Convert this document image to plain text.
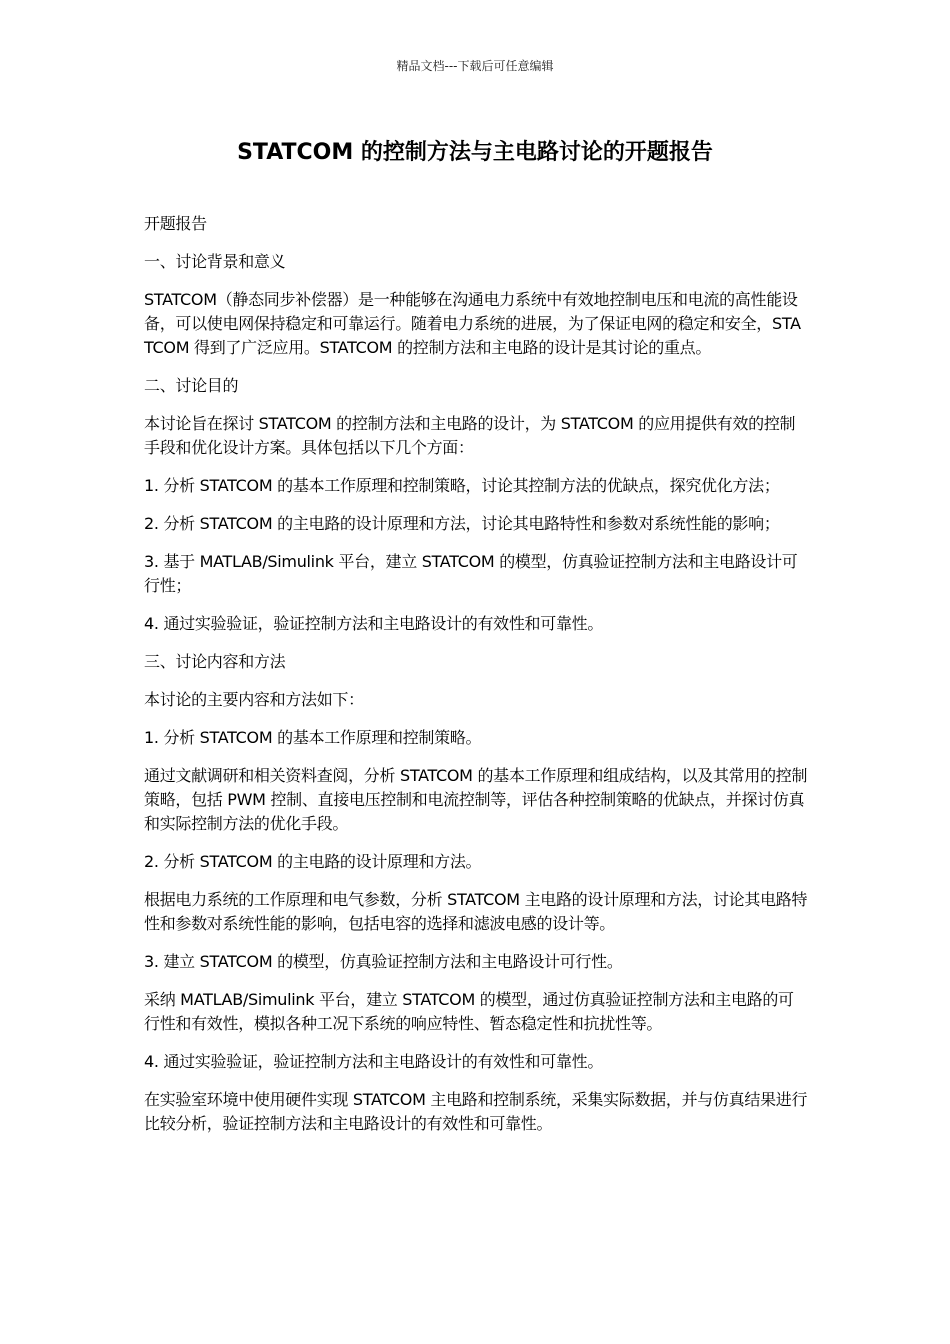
精品文档---下载后可任意编辑
STATCOM 的控制方法与主电路讨论的开题报告

开题报告

一、讨论背景和意义

STATCOM（静态同步补偿器）是一种能够在沟通电力系统中有效地控制电压和电流的高性能设备，可以使电网保持稳定和可靠运行。随着电力系统的进展，为了保证电网的稳定和安全，STATCOM 得到了广泛应用。STATCOM 的控制方法和主电路的设计是其讨论的重点。

二、讨论目的

本讨论旨在探讨 STATCOM 的控制方法和主电路的设计，为 STATCOM 的应用提供有效的控制手段和优化设计方案。具体包括以下几个方面：

1. 分析 STATCOM 的基本工作原理和控制策略，讨论其控制方法的优缺点，探究优化方法；

2. 分析 STATCOM 的主电路的设计原理和方法，讨论其电路特性和参数对系统性能的影响；

3. 基于 MATLAB/Simulink 平台，建立 STATCOM 的模型，仿真验证控制方法和主电路设计可行性；

4. 通过实验验证，验证控制方法和主电路设计的有效性和可靠性。

三、讨论内容和方法

本讨论的主要内容和方法如下：

1. 分析 STATCOM 的基本工作原理和控制策略。

通过文献调研和相关资料查阅，分析 STATCOM 的基本工作原理和组成结构，以及其常用的控制策略，包括 PWM 控制、直接电压控制和电流控制等，评估各种控制策略的优缺点，并探讨仿真和实际控制方法的优化手段。

2. 分析 STATCOM 的主电路的设计原理和方法。

根据电力系统的工作原理和电气参数，分析 STATCOM 主电路的设计原理和方法，讨论其电路特性和参数对系统性能的影响，包括电容的选择和滤波电感的设计等。

3. 建立 STATCOM 的模型，仿真验证控制方法和主电路设计可行性。

采纳 MATLAB/Simulink 平台，建立 STATCOM 的模型，通过仿真验证控制方法和主电路的可行性和有效性，模拟各种工况下系统的响应特性、暂态稳定性和抗扰性等。

4. 通过实验验证，验证控制方法和主电路设计的有效性和可靠性。

在实验室环境中使用硬件实现 STATCOM 主电路和控制系统，采集实际数据，并与仿真结果进行比较分析，验证控制方法和主电路设计的有效性和可靠性。
